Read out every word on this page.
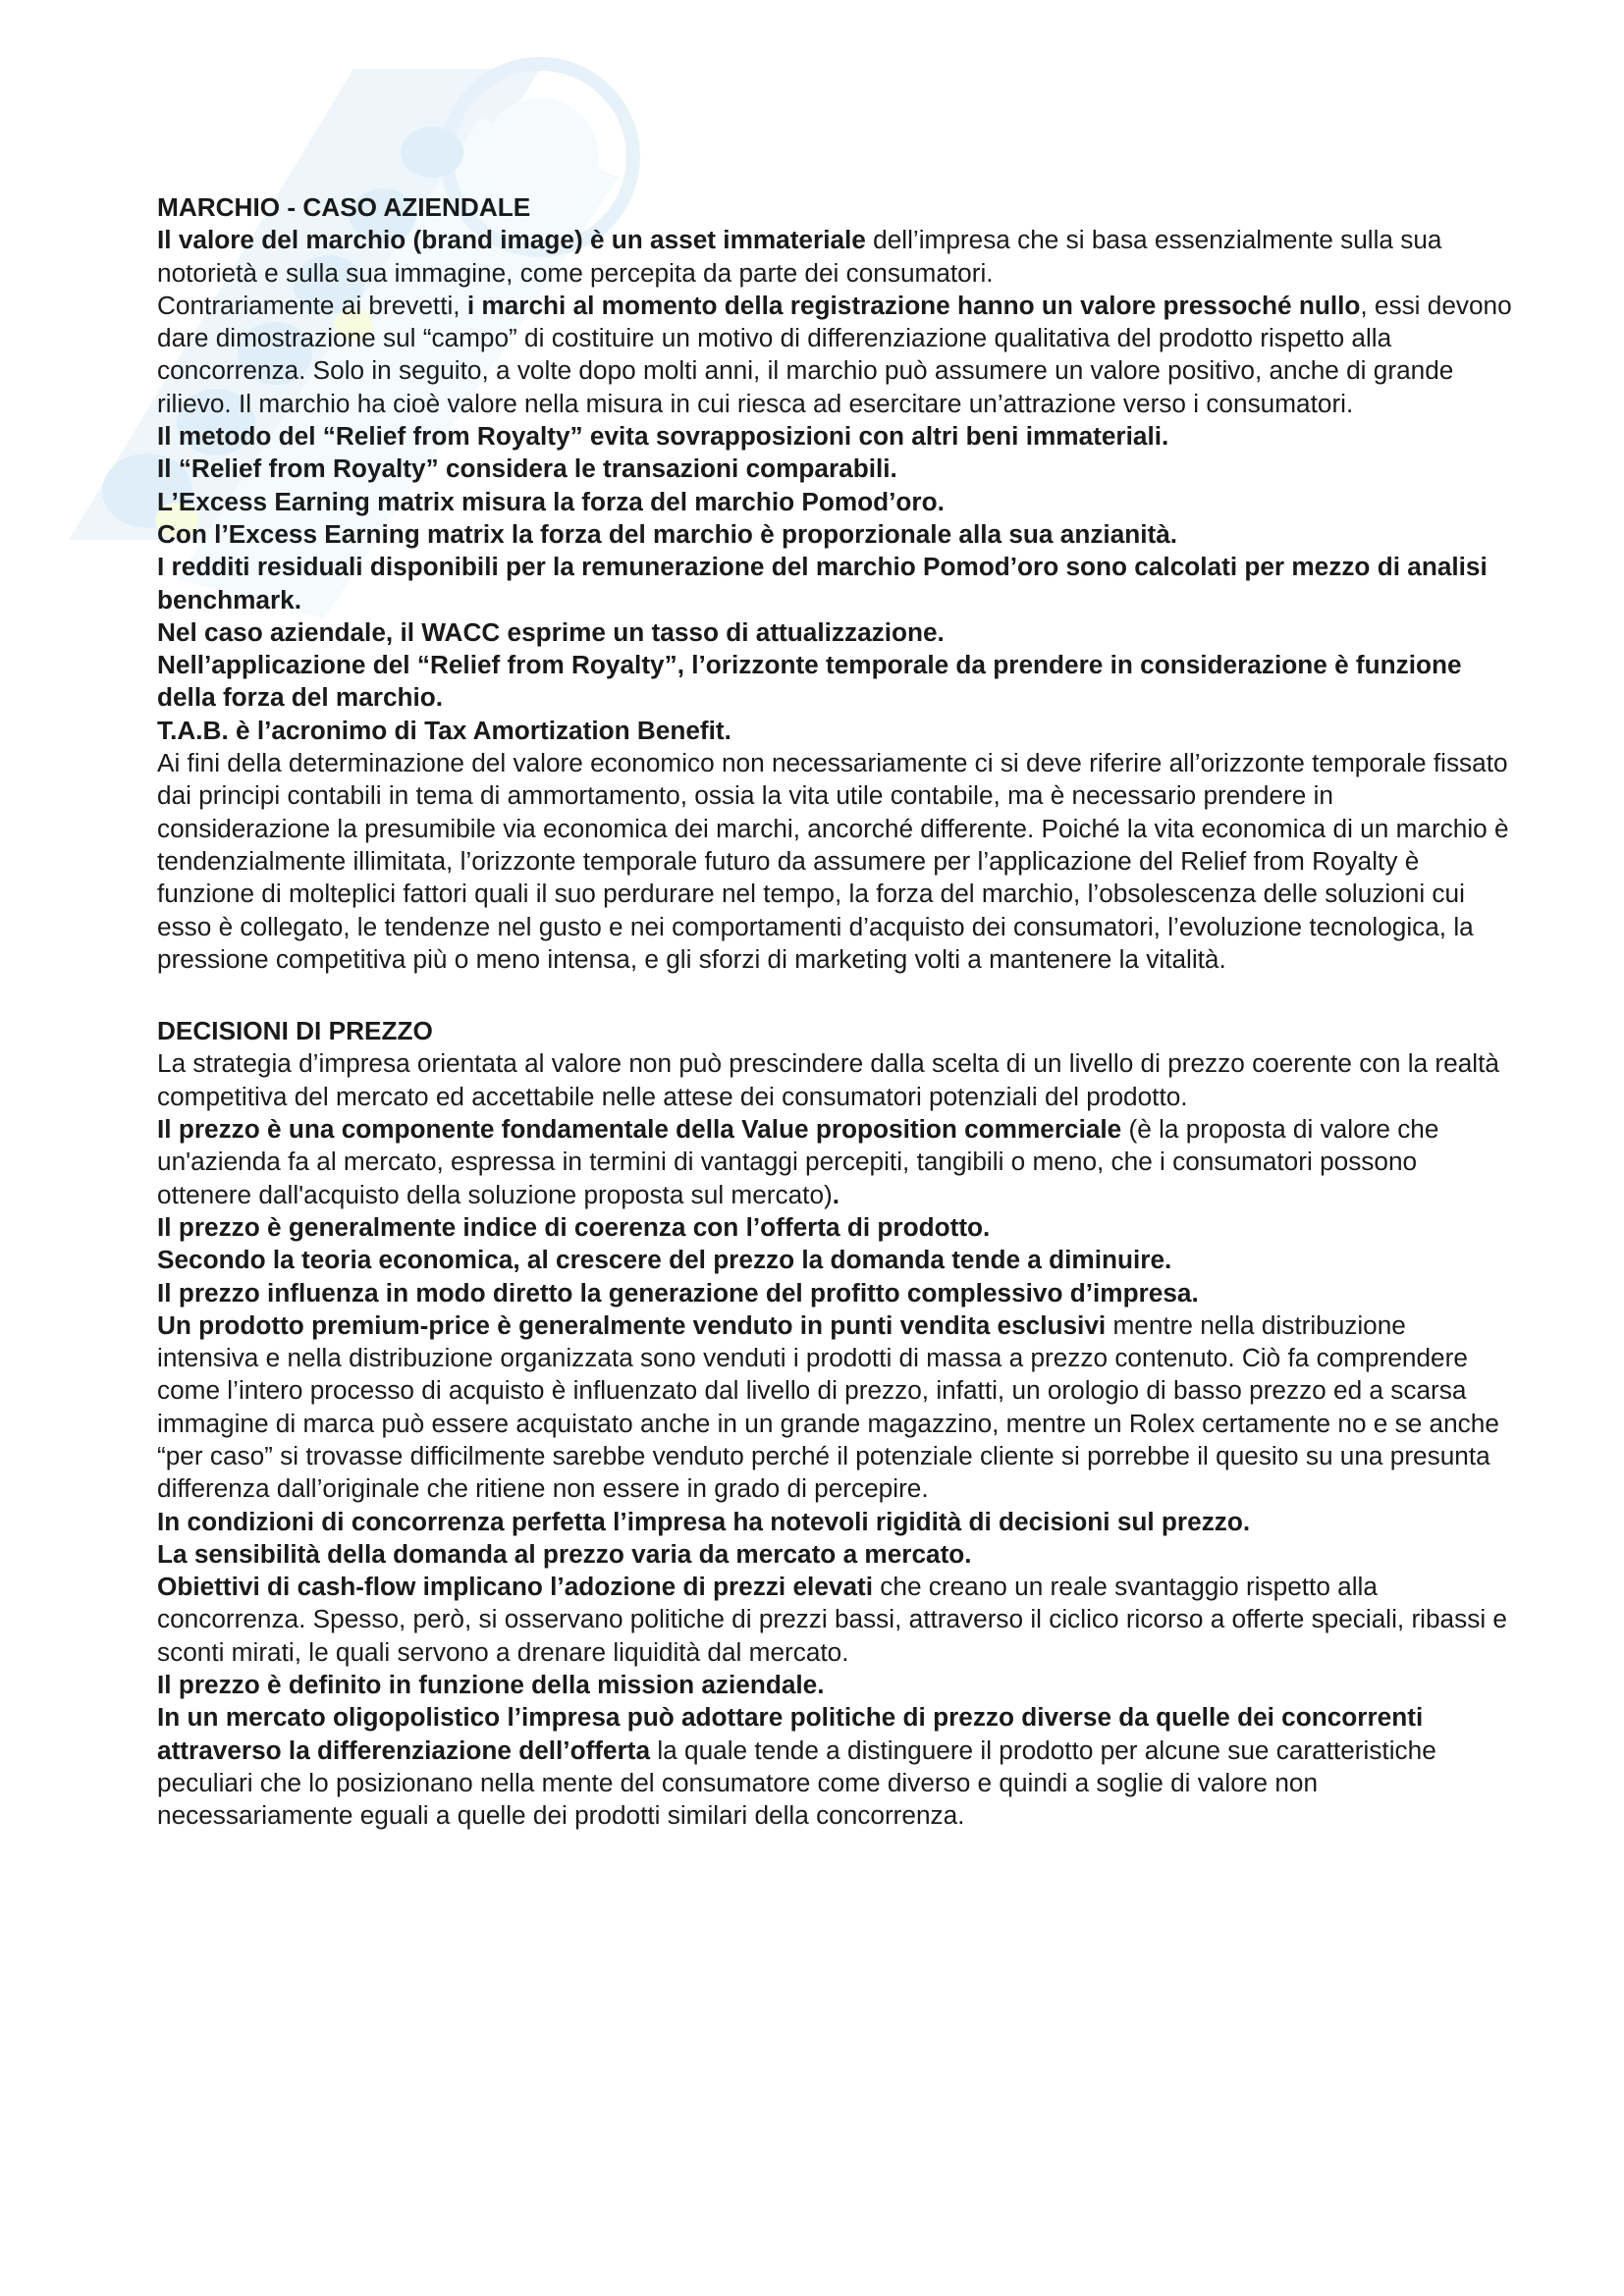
MARCHIO - CASO AZIENDALE

Il valore del marchio (brand image) è un asset immateriale dell’impresa che si basa essenzialmente sulla sua notorietà e sulla sua immagine, come percepita da parte dei consumatori.

Contrariamente ai brevetti, i marchi al momento della registrazione hanno un valore pressoché nullo, essi devono dare dimostrazione sul “campo” di costituire un motivo di differenziazione qualitativa del prodotto rispetto alla concorrenza. Solo in seguito, a volte dopo molti anni, il marchio può assumere un valore positivo, anche di grande rilievo. Il marchio ha cioè valore nella misura in cui riesca ad esercitare un’attrazione verso i consumatori.

Il metodo del “Relief from Royalty” evita sovrapposizioni con altri beni immateriali.

Il “Relief from Royalty” considera le transazioni comparabili.

L’Excess Earning matrix misura la forza del marchio Pomod’oro.

Con l’Excess Earning matrix la forza del marchio è proporzionale alla sua anzianità.

I redditi residuali disponibili per la remunerazione del marchio Pomod’oro sono calcolati per mezzo di analisi benchmark.

Nel caso aziendale, il WACC esprime un tasso di attualizzazione.

Nell’applicazione del “Relief from Royalty”, l’orizzonte temporale da prendere in considerazione è funzione della forza del marchio.

T.A.B. è l’acronimo di Tax Amortization Benefit.

Ai fini della determinazione del valore economico non necessariamente ci si deve riferire all’orizzonte temporale fissato dai principi contabili in tema di ammortamento, ossia la vita utile contabile, ma è necessario prendere in considerazione la presumibile via economica dei marchi, ancorché differente. Poiché la vita economica di un marchio è tendenzialmente illimitata, l’orizzonte temporale futuro da assumere per l’applicazione del Relief from Royalty è funzione di molteplici fattori quali il suo perdurare nel tempo, la forza del marchio, l’obsolescenza delle soluzioni cui esso è collegato, le tendenze nel gusto e nei comportamenti d’acquisto dei consumatori, l’evoluzione tecnologica, la pressione competitiva più o meno intensa, e gli sforzi di marketing volti a mantenere la vitalità.

DECISIONI DI PREZZO

La strategia d’impresa orientata al valore non può prescindere dalla scelta di un livello di prezzo coerente con la realtà competitiva del mercato ed accettabile nelle attese dei consumatori potenziali del prodotto.

Il prezzo è una componente fondamentale della Value proposition commerciale (è la proposta di valore che un'azienda fa al mercato, espressa in termini di vantaggi percepiti, tangibili o meno, che i consumatori possono ottenere dall'acquisto della soluzione proposta sul mercato).

Il prezzo è generalmente indice di coerenza con l’offerta di prodotto.

Secondo la teoria economica, al crescere del prezzo la domanda tende a diminuire.

Il prezzo influenza in modo diretto la generazione del profitto complessivo d’impresa.

Un prodotto premium-price è generalmente venduto in punti vendita esclusivi mentre nella distribuzione intensiva e nella distribuzione organizzata sono venduti i prodotti di massa a prezzo contenuto. Ciò fa comprendere come l’intero processo di acquisto è influenzato dal livello di prezzo, infatti, un orologio di basso prezzo ed a scarsa immagine di marca può essere acquistato anche in un grande magazzino, mentre un Rolex certamente no e se anche “per caso” si trovasse difficilmente sarebbe venduto perché il potenziale cliente si porrebbe il quesito su una presunta differenza dall’originale che ritiene non essere in grado di percepire.

In condizioni di concorrenza perfetta l’impresa ha notevoli rigidità di decisioni sul prezzo.

La sensibilità della domanda al prezzo varia da mercato a mercato.

Obiettivi di cash-flow implicano l’adozione di prezzi elevati che creano un reale svantaggio rispetto alla concorrenza. Spesso, però, si osservano politiche di prezzi bassi, attraverso il ciclico ricorso a offerte speciali, ribassi e sconti mirati, le quali servono a drenare liquidità dal mercato.

Il prezzo è definito in funzione della mission aziendale.

In un mercato oligopolistico l’impresa può adottare politiche di prezzo diverse da quelle dei concorrenti attraverso la differenziazione dell’offerta la quale tende a distinguere il prodotto per alcune sue caratteristiche peculiari che lo posizionano nella mente del consumatore come diverso e quindi a soglie di valore non necessariamente eguali a quelle dei prodotti similari della concorrenza.
